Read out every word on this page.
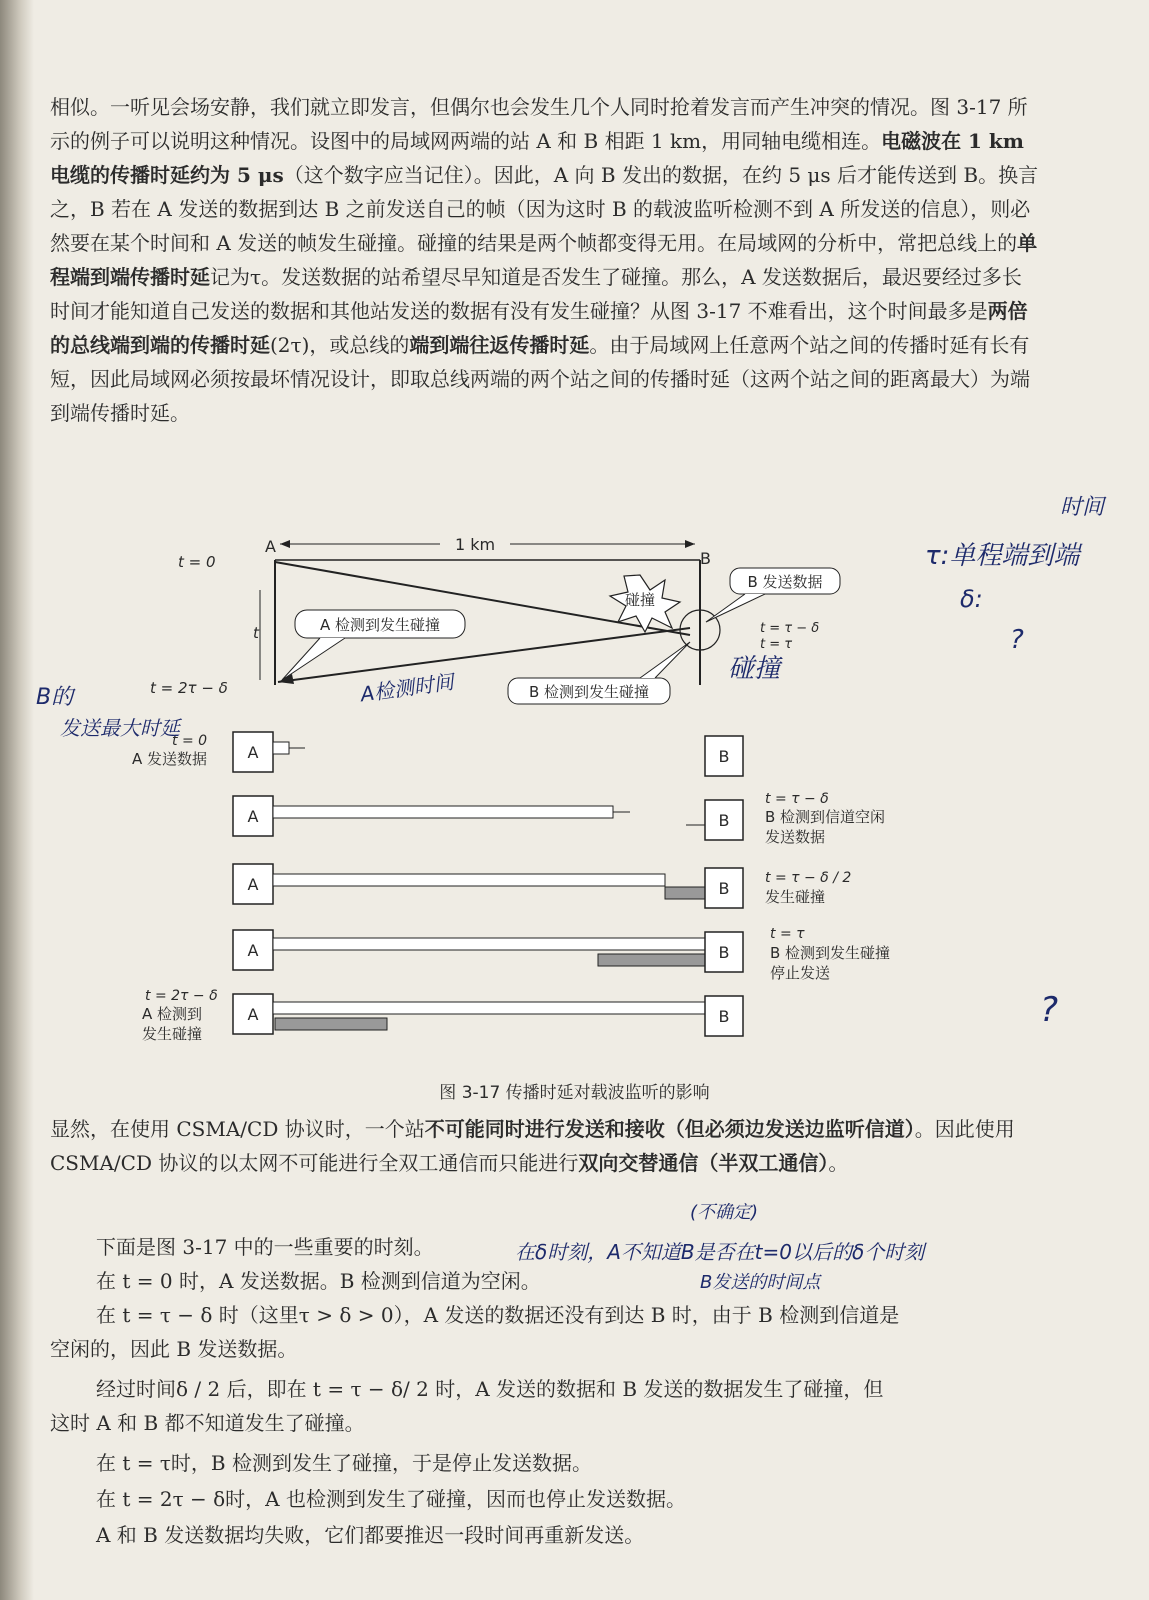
相似。一听见会场安静，我们就立即发言，但偶尔也会发生几个人同时抢着发言而产生冲突的情况。图 3-17 所示的例子可以说明这种情况。设图中的局域网两端的站 A 和 B 相距 1 km，用同轴电缆相连。电磁波在 1 km 电缆的传播时延约为 5 μs（这个数字应当记住）。因此，A 向 B 发出的数据，在约 5 μs 后才能传送到 B。换言之，B 若在 A 发送的数据到达 B 之前发送自己的帧（因为这时 B 的载波监听检测不到 A 所发送的信息），则必然要在某个时间和 A 发送的帧发生碰撞。碰撞的结果是两个帧都变得无用。在局域网的分析中，常把总线上的单程端到端传播时延记为τ。发送数据的站希望尽早知道是否发生了碰撞。那么，A 发送数据后，最迟要经过多长时间才能知道自己发送的数据和其他站发送的数据有没有发生碰撞？从图 3-17 不难看出，这个时间最多是两倍的总线端到端的传播时延(2τ)，或总线的端到端往返传播时延。由于局域网上任意两个站之间的传播时延有长有短，因此局域网必须按最坏情况设计，即取总线两端的两个站之间的传播时延（这两个站之间的距离最大）为端到端传播时延。

1 km
A
B
t = 0
t
t = 2τ − δ
碰撞
A 检测到发生碰撞
B 发送数据
B 检测到发生碰撞
t = τ − δ
t = τ
A	B
t = 0
A 发送数据
A	B
t = τ − δ
B 检测到信道空闲
发送数据
A	B
t = τ − δ / 2
发生碰撞
A	B
t = τ
B 检测到发生碰撞
停止发送
A	B
t = 2τ − δ
A 检测到
发生碰撞
图 3-17 传播时延对载波监听的影响

显然，在使用 CSMA/CD 协议时，一个站不可能同时进行发送和接收（但必须边发送边监听信道）。因此使用 CSMA/CD 协议的以太网不可能进行全双工通信而只能进行双向交替通信（半双工通信）。

下面是图 3-17 中的一些重要的时刻。
在 t = 0 时，A 发送数据。B 检测到信道为空闲。
在 t = τ − δ 时（这里τ > δ > 0），A 发送的数据还没有到达 B 时，由于 B 检测到信道是
空闲的，因此 B 发送数据。
经过时间δ / 2 后，即在 t = τ − δ/ 2 时，A 发送的数据和 B 发送的数据发生了碰撞，但
这时 A 和 B 都不知道发生了碰撞。
在 t = τ时，B 检测到发生了碰撞，于是停止发送数据。
在 t = 2τ − δ时，A 也检测到发生了碰撞，因而也停止发送数据。
A 和 B 发送数据均失败，它们都要推迟一段时间再重新发送。
τ:单程端到端
时间
δ:
碰撞
A检测时间
B的
发送最大时延
?
?
在δ时刻，A不知道B是否在t=0以后的δ个时刻
B发送的时间点
(不确定)
